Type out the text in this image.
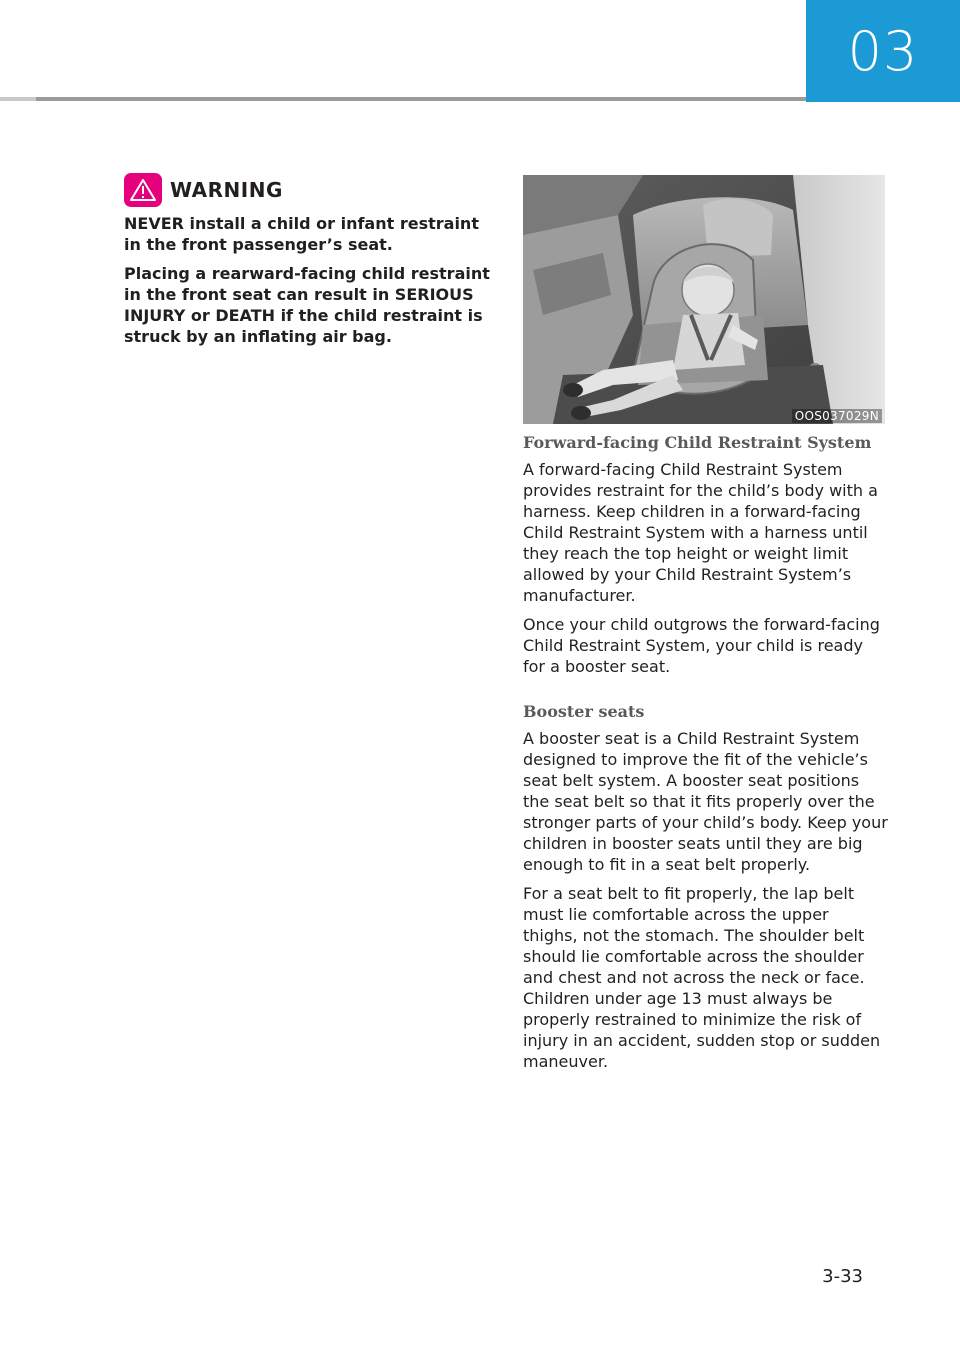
03
WARNING

NEVER install a child or infant restraint in the front passenger’s seat.

Placing a rearward-facing child restraint in the front seat can result in SERIOUS INJURY or DEATH if the child restraint is struck by an inflating air bag.

OOS037029N
Forward-facing Child Restraint System

A forward-facing Child Restraint System provides restraint for the child’s body with a harness. Keep children in a forward-facing Child Restraint System with a harness until they reach the top height or weight limit allowed by your Child Restraint System’s manufacturer.

Once your child outgrows the forward-facing Child Restraint System, your child is ready for a booster seat.

Booster seats

A booster seat is a Child Restraint System designed to improve the fit of the vehicle’s seat belt system. A booster seat positions the seat belt so that it fits properly over the stronger parts of your child’s body. Keep your children in booster seats until they are big enough to fit in a seat belt properly.

For a seat belt to fit properly, the lap belt must lie comfortable across the upper thighs, not the stomach. The shoulder belt should lie comfortable across the shoulder and chest and not across the neck or face. Children under age 13 must always be properly restrained to minimize the risk of injury in an accident, sudden stop or sudden maneuver.

3-33
